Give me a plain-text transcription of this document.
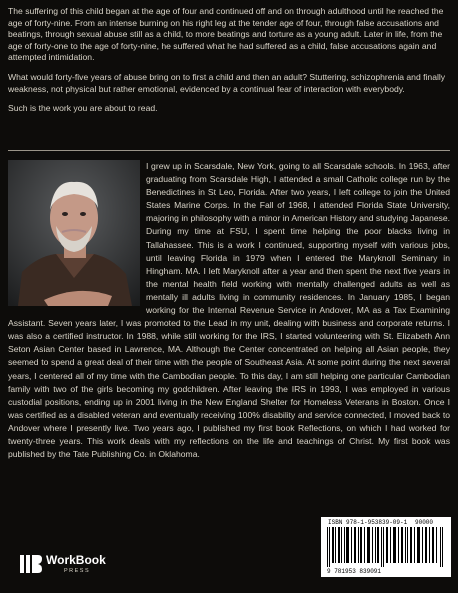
The suffering of this child began at the age of four and continued off and on through adulthood until he reached the age of forty-nine. From an intense burning on his right leg at the tender age of four, through false accusations and beatings, through sexual abuse still as a child, to more beatings and torture as a young adult. Later in life, from the age of forty-one to the age of forty-nine, he suffered what he had suffered as a child, false accusations again and attempted intimidation.

What would forty-five years of abuse bring on to first a child and then an adult? Stuttering, schizophrenia and finally weakness, not physical but rather emotional, evidenced by a continual fear of interaction with everybody.

Such is the work you are about to read.

I grew up in Scarsdale, New York, going to all Scarsdale schools. In 1963, after graduating from Scarsdale High, I attended a small Catholic college run by the Benedictines in St Leo, Florida. After two years, I left college to join the United States Marine Corps. In the Fall of 1968, I attended Florida State University, majoring in philosophy with a minor in American History and studying Japanese. During my time at FSU, I spent time helping the poor blacks living in Tallahassee. This is a work I continued, supporting myself with various jobs, until leaving Florida in 1979 when I entered the Maryknoll Seminary in Hingham. MA. I left Maryknoll after a year and then spent the next five years in the mental health field working with mentally challenged adults as well as mentally ill adults living in community residences. In January 1985, I began working for the Internal Revenue Service in Andover, MA as a Tax Examining Assistant. Seven years later, I was promoted to the Lead in my unit, dealing with business and corporate returns. I was also a certified instructor. In 1988, while still working for the IRS, I started volunteering with St. Elizabeth Ann Seton Asian Center based in Lawrence, MA. Although the Center concentrated on helping all Asian people, they seemed to spend a great deal of their time with the people of Southeast Asia. At some point during the next several years, I centered all of my time with the Cambodian people. To this day, I am still helping one particular Cambodian family with two of the girls becoming my godchildren. After leaving the IRS in 1993, I was employed in various custodial positions, ending up in 2001 living in the New England Shelter for Homeless Veterans in Boston. Once I was certified as a disabled veteran and eventually receiving 100% disability and service connected, I moved back to Andover where I presently live. Two years ago, I published my first book Reflections, on which I had worked for twenty-three years. This work deals with my reflections on the life and teachings of Christ. My first book was published by the Tate Publishing Co. in Oklahoma.
ISBN 978-1-953839-09-1 90000
9 781953 839091
WorkBook
PRESS
